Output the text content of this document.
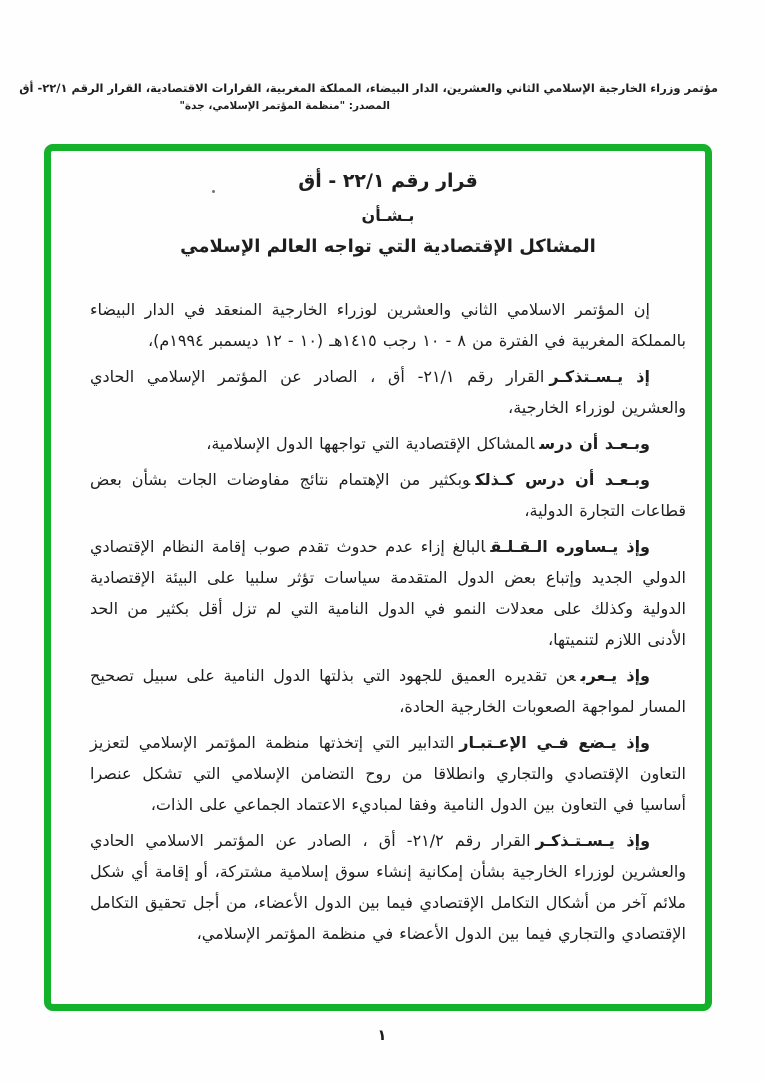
مؤتمر وزراء الخارجية الإسلامي الثاني والعشرين، الدار البيضاء، المملكة المغربية، القرارات الاقتصادية، القرار الرقم ٢٢/١- أق
المصدر: "منظمة المؤتمر الإسلامي، جدة"
قرار رقم ٢٢/١ - أق
بـشـأن
المشاكل الإقتصادية التي تواجه العالم الإسلامي

إن المؤتمر الاسلامي الثاني والعشرين لوزراء الخارجية المنعقد في الدار البيضاء بالمملكة المغربية في الفترة من ٨ - ١٠ رجب ١٤١٥هـ (١٠ - ١٢ ديسمبر ١٩٩٤م)،

إذ يـسـتذكـرالقرار رقم ٢١/١- أق ، الصادر عن المؤتمر الإسلامي الحادي والعشرين لوزراء الخارجية،

وبـعـد أن درسالمشاكل الإقتصادية التي تواجهها الدول الإسلامية،

وبـعـد أن درس كـذلكوبكثير من الإهتمام نتائج مفاوضات الجات بشأن بعض قطاعات التجارة الدولية،

وإذ يـساوره الـقـلـقالبالغ إزاء عدم حدوث تقدم صوب إقامة النظام الإقتصادي الدولي الجديد وإتباع بعض الدول المتقدمة سياسات تؤثر سلبيا على البيئة الإقتصادية الدولية وكذلك على معدلات النمو في الدول النامية التي لم تزل أقل بكثير من الحد الأدنى اللازم لتنميتها،

وإذ يـعربعن تقديره العميق للجهود التي بذلتها الدول النامية على سبيل تصحيح المسار لمواجهة الصعوبات الخارجية الحادة،

وإذ يـضع فـي الإعـتبـارالتدابير التي إتخذتها منظمة المؤتمر الإسلامي لتعزيز التعاون الإقتصادي والتجاري وانطلاقا من روح التضامن الإسلامي التي تشكل عنصرا أساسيا في التعاون بين الدول النامية وفقا لمباديء الاعتماد الجماعي على الذات،

وإذ يـسـتـذكـرالقرار رقم ٢١/٢- أق ، الصادر عن المؤتمر الاسلامي الحادي والعشرين لوزراء الخارجية بشأن إمكانية إنشاء سوق إسلامية مشتركة، أو إقامة أي شكل ملائم آخر من أشكال التكامل الإقتصادي فيما بين الدول الأعضاء، من أجل تحقيق التكامل الإقتصادي والتجاري فيما بين الدول الأعضاء في منظمة المؤتمر الإسلامي،

١
